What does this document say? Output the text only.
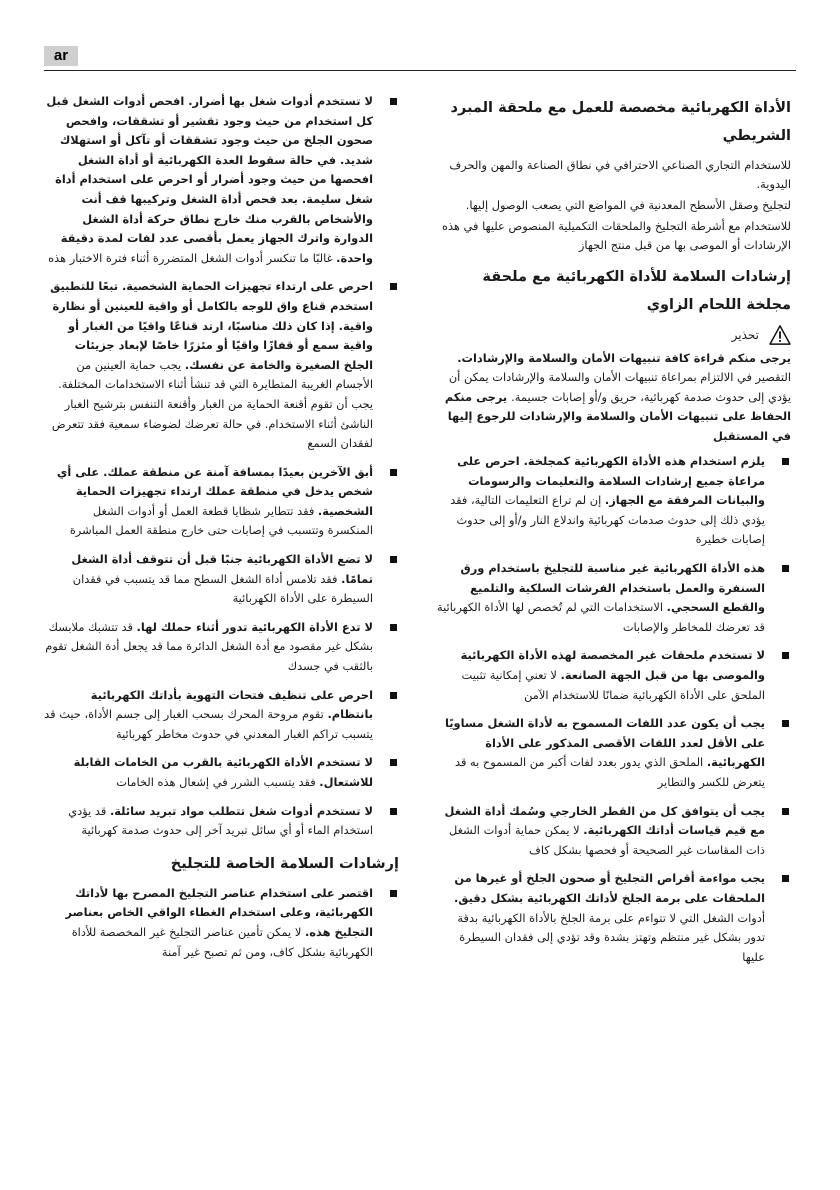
ar
الأداة الكهربائية مخصصة للعمل مع ملحقة المبرد الشريطي

للاستخدام التجاري الصناعي الاحترافي في نطاق الصناعة والمهن والحرف اليدوية.

لتجليخ وصقل الأسطح المعدنية في المواضع التي يصعب الوصول إليها.

للاستخدام مع أشرطة التجليخ والملحقات التكميلية المنصوص عليها في هذه الإرشادات أو الموصى بها من قبل منتج الجهاز

إرشادات السلامة للأداة الكهربائية مع ملحقة مجلخة اللحام الزاوي
تحذير

يرجى منكم قراءة كافة تنبيهات الأمان والسلامة والإرشادات. التقصير في الالتزام بمراعاة تنبيهات الأمان والسلامة والإرشادات يمكن أن يؤدي إلى حدوث صدمة كهربائية، حريق و/أو إصابات جسيمة. يرجى منكم الحفاظ على تنبيهات الأمان والسلامة والإرشادات للرجوع إليها في المستقبل

يلزم استخدام هذه الأداة الكهربائية كمجلخة. احرص على مراعاة جميع إرشادات السلامة والتعليمات والرسومات والبيانات المرفقة مع الجهاز. إن لم تراع التعليمات التالية، فقد يؤدي ذلك إلى حدوث صدمات كهربائية واندلاع النار و/أو إلى حدوث إصابات خطيرة
هذه الأداة الكهربائية غير مناسبة للتجليخ باستخدام ورق السنفرة والعمل باستخدام الفرشات السلكية والتلميع والقطع السحجي. الاستخدامات التي لم تُخصص لها الأداة الكهربائية قد تعرضك للمخاطر والإصابات
لا تستخدم ملحقات غير المخصصة لهذه الأداة الكهربائية والموصى بها من قبل الجهة الصانعة. لا تعني إمكانية تثبيت الملحق على الأداة الكهربائية ضمانًا للاستخدام الآمن
يجب أن يكون عدد اللفات المسموح به لأداة الشغل مساويًا على الأقل لعدد اللفات الأقصى المذكور على الأداة الكهربائية. الملحق الذي يدور بعدد لفات أكبر من المسموح به قد يتعرض للكسر والتطاير
يجب أن يتوافق كل من القطر الخارجي وسُمك أداة الشغل مع قيم قياسات أداتك الكهربائية. لا يمكن حماية أدوات الشغل ذات المقاسات غير الصحيحة أو فحصها بشكل كاف
يجب مواءمة أقراص التجليخ أو صحون الجلخ أو غيرها من الملحقات على برمة الجلخ لأداتك الكهربائية بشكل دقيق. أدوات الشغل التي لا تتواءم على برمة الجلخ بالأداة الكهربائية بدقة تدور بشكل غير منتظم وتهتز بشدة وقد تؤدي إلى فقدان السيطرة عليها
لا تستخدم أدوات شغل بها أضرار. افحص أدوات الشغل قبل كل استخدام من حيث وجود تقشير أو تشققات، وافحص صحون الجلخ من حيث وجود تشققات أو تآكل أو استهلاك شديد. في حالة سقوط العدة الكهربائية أو أداة الشغل افحصها من حيث وجود أضرار أو احرص على استخدام أداة شغل سليمة. بعد فحص أداة الشغل وتركيبها قف أنت والأشخاص بالقرب منك خارج نطاق حركة أداة الشغل الدوارة واترك الجهاز يعمل بأقصى عدد لفات لمدة دقيقة واحدة. غالبًا ما تنكسر أدوات الشغل المتضررة أثناء فترة الاختبار هذه
احرص على ارتداء تجهيزات الحماية الشخصية. تبعًا للتطبيق استخدم قناع واق للوجه بالكامل أو واقية للعينين أو نظارة واقية. إذا كان ذلك مناسبًا، ارتد قناعًا واقيًا من الغبار أو واقية سمع أو قفازًا واقيًا أو مئزرًا خاصًا لإبعاد جزيئات الجلخ الصغيرة والخامة عن نفسك. يجب حماية العينين من الأجسام الغريبة المتطايرة التي قد تنشأ أثناء الاستخدامات المختلفة. يجب أن تقوم أقنعة الحماية من الغبار وأقنعة التنفس بترشيح الغبار الناشئ أثناء الاستخدام. في حالة تعرضك لضوضاء سمعية فقد تتعرض لفقدان السمع
أبق الآخرين بعيدًا بمسافة آمنة عن منطقة عملك. على أي شخص يدخل في منطقة عملك ارتداء تجهيزات الحماية الشخصية. فقد تتطاير شظايا قطعة العمل أو أدوات الشغل المنكسرة وتتسبب في إصابات حتى خارج منطقة العمل المباشرة
لا تضع الأداة الكهربائية جنبًا قبل أن تتوقف أداة الشغل تمامًا. فقد تلامس أداة الشغل السطح مما قد يتسبب في فقدان السيطرة على الأداة الكهربائية
لا تدع الأداة الكهربائية تدور أثناء حملك لها. قد تتشبك ملابسك بشكل غير مقصود مع أدة الشغل الدائرة مما قد يجعل أدة الشغل تقوم بالثقب في جسدك
احرص على تنظيف فتحات التهوية بأداتك الكهربائية بانتظام. تقوم مروحة المحرك بسحب الغبار إلى جسم الأداة، حيث قد يتسبب تراكم الغبار المعدني في حدوث مخاطر كهربائية
لا تستخدم الأداة الكهربائية بالقرب من الخامات القابلة للاشتعال. فقد يتسبب الشرر في إشعال هذه الخامات
لا تستخدم أدوات شغل تتطلب مواد تبريد سائلة. قد يؤدي استخدام الماء أو أي سائل تبريد آخر إلى حدوث صدمة كهربائية
إرشادات السلامة الخاصة للتجليخ
اقتصر على استخدام عناصر التجليخ المصرح بها لأداتك الكهربائية، وعلى استخدام الغطاء الواقي الخاص بعناصر التجليخ هذه. لا يمكن تأمين عناصر التجليخ غير المخصصة للأداة الكهربائية بشكل كاف، ومن ثم تصبح غير آمنة
